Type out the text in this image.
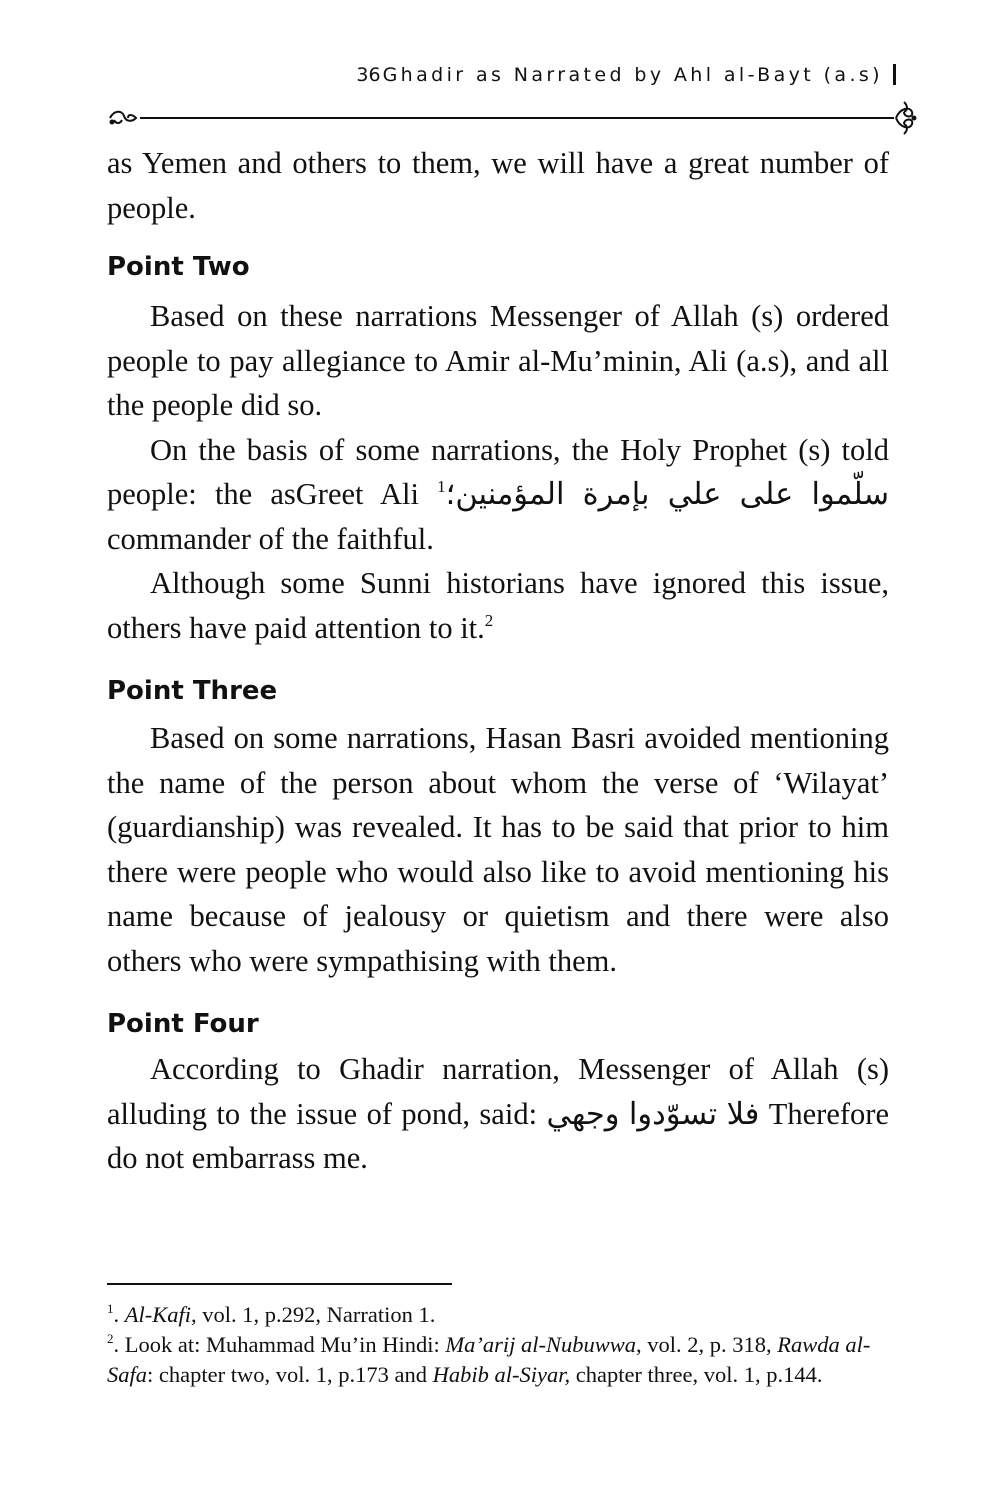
36 Ghadir as Narrated by Ahl al-Bayt (a.s)

as Yemen and others to them, we will have a great number of people.

Point Two

Based on these narrations Messenger of Allah (s) ordered people to pay allegiance to Amir al-Mu’minin, Ali (a.s), and all the people did so.

On the basis of some narrations, the Holy Prophet (s) told people: the asGreet Ali $^1$سلّموا على علي بإمرة المؤمنين؛ commander of the faithful.

Although some Sunni historians have ignored this issue, others have paid attention to it.$^2$

Point Three

Based on some narrations, Hasan Basri avoided mentioning the name of the person about whom the verse of ‘Wilayat’ (guardianship) was revealed. It has to be said that prior to him there were people who would also like to avoid mentioning his name because of jealousy or quietism and there were also others who were sympathising with them.

Point Four

According to Ghadir narration, Messenger of Allah (s) alluding to the issue of pond, said: فلا تسوّدوا وجهي Therefore do not embarrass me.

$^1$. Al-Kafi, vol. 1, p.292, Narration 1.

$^2$. Look at: Muhammad Mu’in Hindi: Ma’arij al-Nubuwwa, vol. 2, p. 318, Rawda al-Safa: chapter two, vol. 1, p.173 and Habib al-Siyar, chapter three, vol. 1, p.144.
